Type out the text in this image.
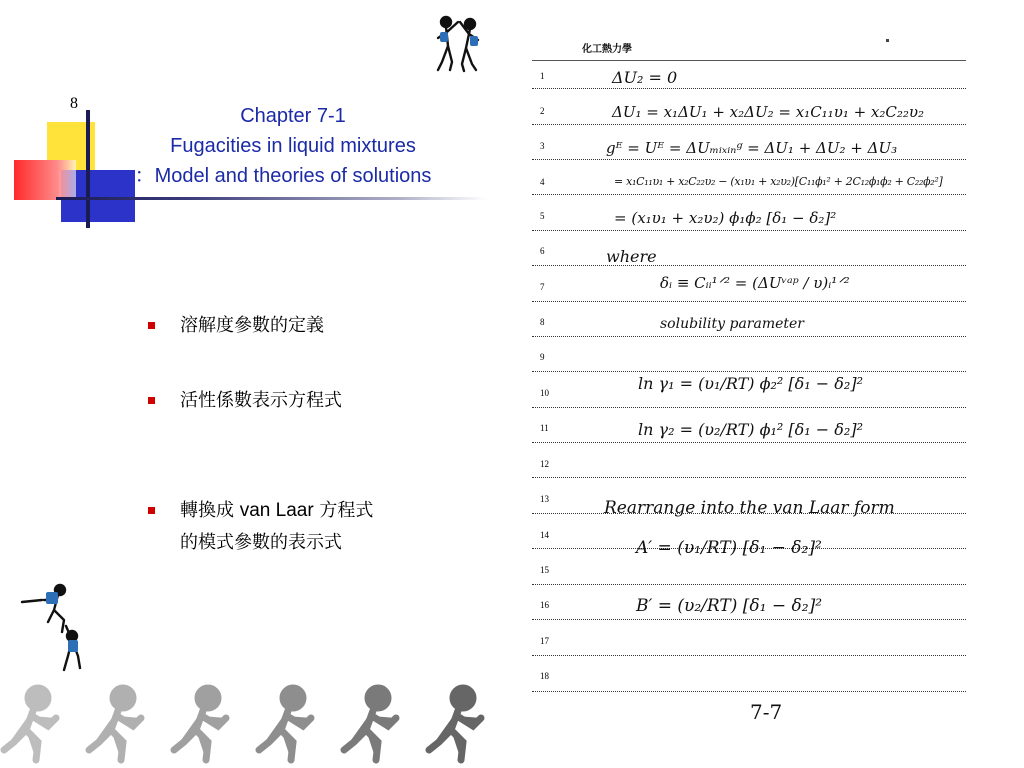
8
Chapter 7-1
Fugacities in liquid mixtures
：Model and theories of solutions
溶解度參數的定義
活性係數表示方程式
轉換成 van Laar 方程式
的模式參數的表示式
化工熱力學
1
2
3
4
5
6
7
8
9
10
11
12
13
14
15
16
17
18
ΔU₂ = 0
ΔU₁ = x₁ΔU₁ + x₂ΔU₂ = x₁C₁₁υ₁ + x₂C₂₂υ₂
gᴱ = Uᴱ = ΔUₘᵢₓᵢₙᵍ = ΔU₁ + ΔU₂ + ΔU₃
= x₁C₁₁υ₁ + x₂C₂₂υ₂ − (x₁υ₁ + x₂υ₂)[C₁₁ϕ₁² + 2C₁₂ϕ₁ϕ₂ + C₂₂ϕ₂²]
= (x₁υ₁ + x₂υ₂) ϕ₁ϕ₂ [δ₁ − δ₂]²
where
δᵢ ≡ Cᵢᵢ¹ᐟ² = (ΔUᵛᵃᵖ / υ)ᵢ¹ᐟ²
solubility parameter
ln γ₁ = (υ₁/RT) ϕ₂² [δ₁ − δ₂]²
ln γ₂ = (υ₂/RT) ϕ₁² [δ₁ − δ₂]²
Rearrange into the van Laar form
A′ = (υ₁/RT) [δ₁ − δ₂]²
B′ = (υ₂/RT) [δ₁ − δ₂]²
7-7
